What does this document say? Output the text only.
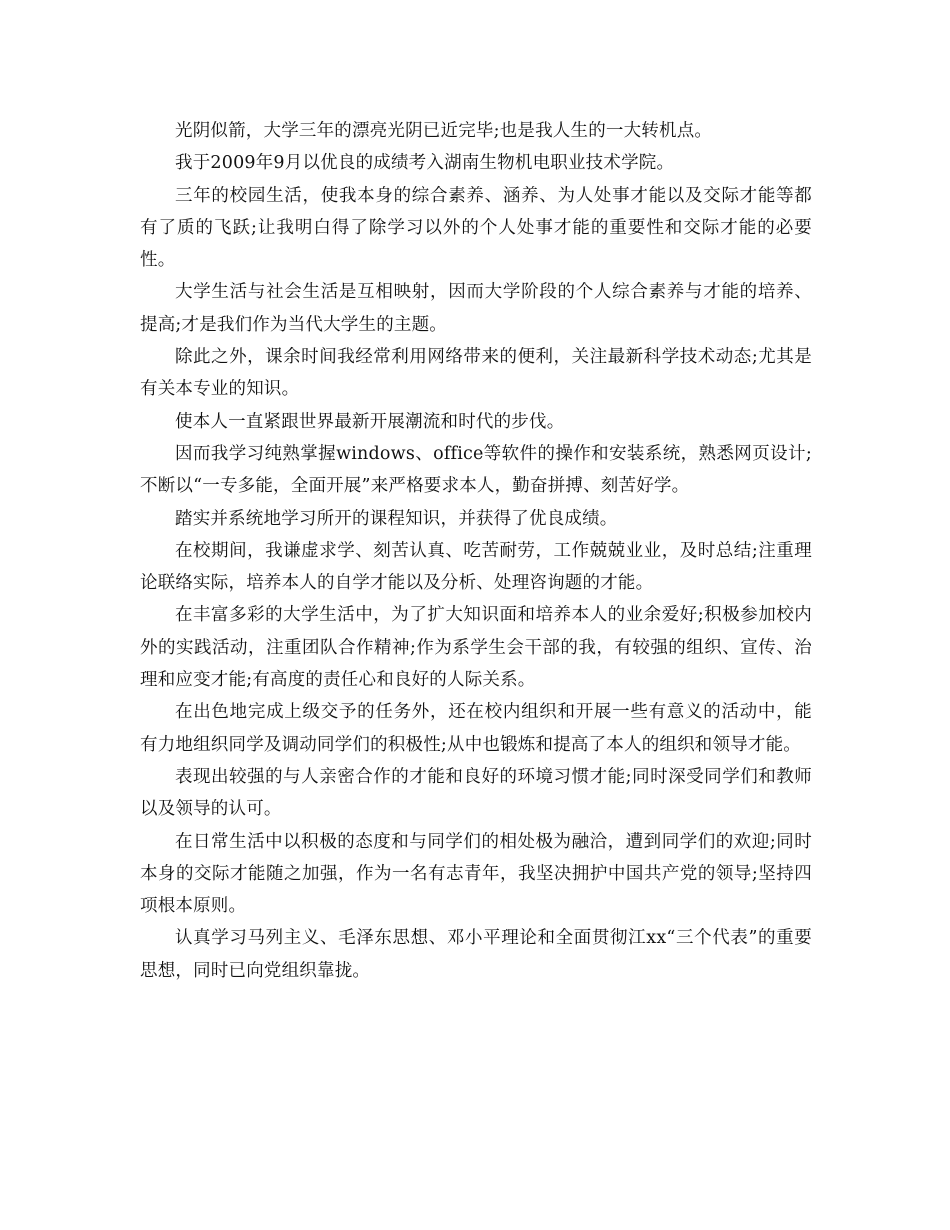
光阴似箭，大学三年的漂亮光阴已近完毕;也是我人生的一大转机点。

我于2009年9月以优良的成绩考入湖南生物机电职业技术学院。

三年的校园生活，使我本身的综合素养、涵养、为人处事才能以及交际才能等都有了质的飞跃;让我明白得了除学习以外的个人处事才能的重要性和交际才能的必要性。

大学生活与社会生活是互相映射，因而大学阶段的个人综合素养与才能的培养、提高;才是我们作为当代大学生的主题。

除此之外，课余时间我经常利用网络带来的便利，关注最新科学技术动态;尤其是有关本专业的知识。

使本人一直紧跟世界最新开展潮流和时代的步伐。

因而我学习纯熟掌握windows、office等软件的操作和安装系统，熟悉网页设计;不断以“一专多能，全面开展”来严格要求本人，勤奋拼搏、刻苦好学。

踏实并系统地学习所开的课程知识，并获得了优良成绩。

在校期间，我谦虚求学、刻苦认真、吃苦耐劳，工作兢兢业业，及时总结;注重理论联络实际，培养本人的自学才能以及分析、处理咨询题的才能。

在丰富多彩的大学生活中，为了扩大知识面和培养本人的业余爱好;积极参加校内外的实践活动，注重团队合作精神;作为系学生会干部的我，有较强的组织、宣传、治理和应变才能;有高度的责任心和良好的人际关系。

在出色地完成上级交予的任务外，还在校内组织和开展一些有意义的活动中，能有力地组织同学及调动同学们的积极性;从中也锻炼和提高了本人的组织和领导才能。

表现出较强的与人亲密合作的才能和良好的环境习惯才能;同时深受同学们和教师以及领导的认可。

在日常生活中以积极的态度和与同学们的相处极为融洽，遭到同学们的欢迎;同时本身的交际才能随之加强，作为一名有志青年，我坚决拥护中国共产党的领导;坚持四项根本原则。

认真学习马列主义、毛泽东思想、邓小平理论和全面贯彻江xx“三个代表”的重要思想，同时已向党组织靠拢。
